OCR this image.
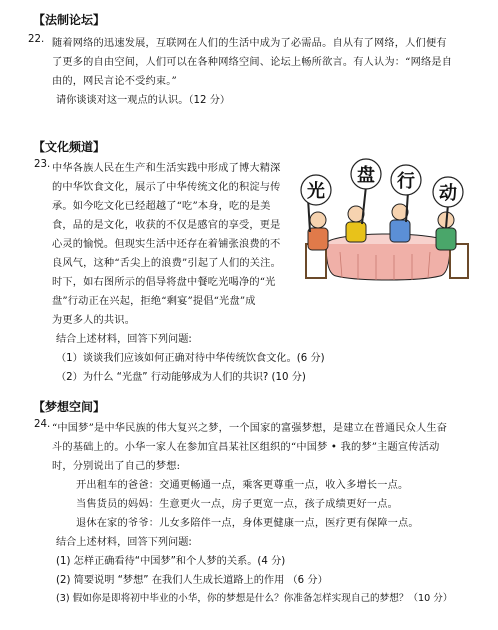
【法制论坛】
22. 随着网络的迅速发展，互联网在人们的生活中成为了必需品。自从有了网络，人们便有
了更多的自由空间，人们可以在各种网络空间、论坛上畅所欲言。有人认为：“网络是自
由的，网民言论不受约束。”
请你谈谈对这一观点的认识。（12 分）
【文化频道】
23. 中华各族人民在生产和生活实践中形成了博大精深
的中华饮食文化，展示了中华传统文化的积淀与传
承。如今吃文化已经超越了“吃”本身，吃的是美
食，品的是文化，收获的不仅是感官的享受，更是
心灵的愉悦。但现实生活中还存在着铺张浪费的不
良风气，这种“舌尖上的浪费”引起了人们的关注。
时下，如右图所示的倡导将盘中餐吃光喝净的“光
盘”行动正在兴起，拒绝“剩宴”提倡“光盘”成
为更多人的共识。
结合上述材料，回答下列问题:
（1）谈谈我们应该如何正确对待中华传统饮食文化。(6 分)
（2）为什么 “光盘” 行动能够成为人们的共识? (10 分)
光
盘 行
动
【梦想空间】
24. “中国梦”是中华民族的伟大复兴之梦，一个国家的富强梦想，是建立在普通民众人生奋
斗的基础上的。小华一家人在参加宜昌某社区组织的“中国梦 • 我的梦”主题宣传活动
时，分别说出了自己的梦想:
开出租车的爸爸：交通更畅通一点，乘客更尊重一点，收入多增长一点。
当售货员的妈妈：生意更火一点，房子更宽一点，孩子成绩更好一点。
退休在家的爷爷：儿女多陪伴一点，身体更健康一点，医疗更有保障一点。
结合上述材料，回答下列问题:
(1) 怎样正确看待“中国梦”和个人梦的关系。(4 分)
(2) 简要说明 “梦想” 在我们人生成长道路上的作用 （6 分）
(3) 假如你是即将初中毕业的小华，你的梦想是什么？你准备怎样实现自己的梦想？（10 分）
